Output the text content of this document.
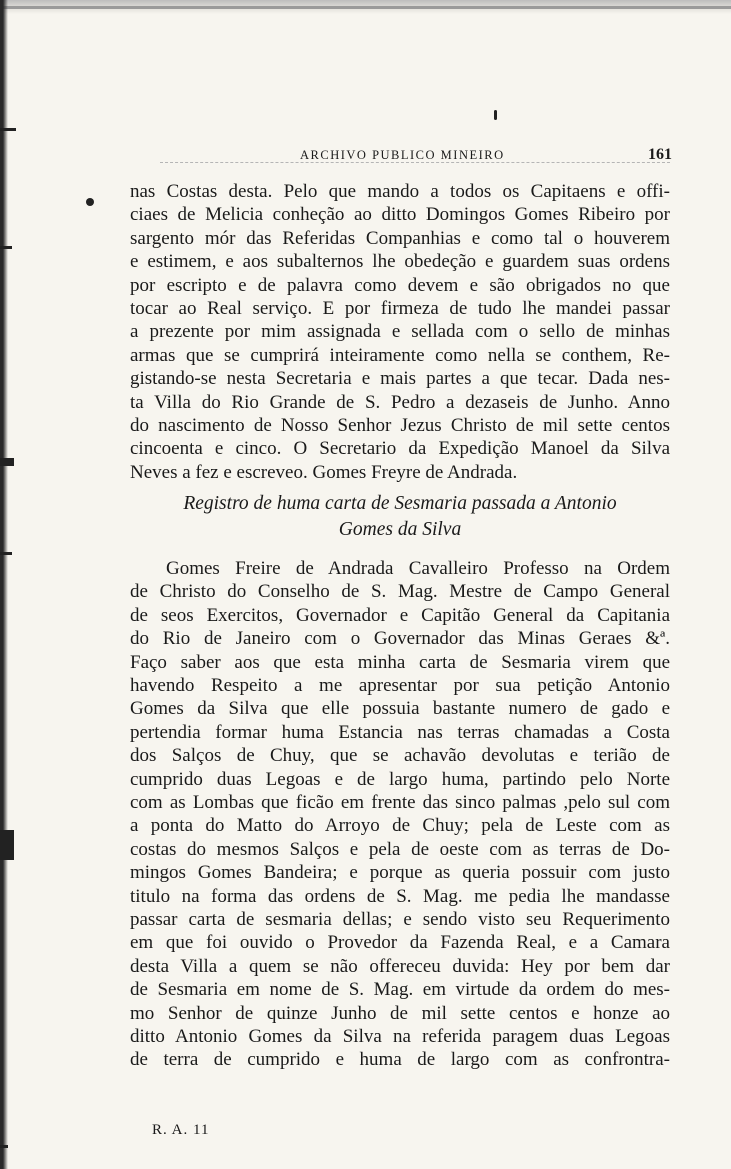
ARCHIVO PUBLICO MINEIRO	161
nas Costas desta. Pelo que mando a todos os Capitaens e offi-
ciaes de Melicia conheção ao ditto Domingos Gomes Ribeiro por
sargento mór das Referidas Companhias e como tal o houverem
e estimem, e aos subalternos lhe obedeção e guardem suas ordens
por escripto e de palavra como devem e são obrigados no que
tocar ao Real serviço. E por firmeza de tudo lhe mandei passar
a prezente por mim assignada e sellada com o sello de minhas
armas que se cumprirá inteiramente como nella se conthem, Re-
gistando-se nesta Secretaria e mais partes a que tecar. Dada nes-
ta Villa do Rio Grande de S. Pedro a dezaseis de Junho. Anno
do nascimento de Nosso Senhor Jezus Christo de mil sette centos
cincoenta e cinco. O Secretario da Expedição Manoel da Silva
Neves a fez e escreveo. Gomes Freyre de Andrada.
Registro de huma carta de Sesmaria passada a Antonio
Gomes da Silva
Gomes Freire de Andrada Cavalleiro Professo na Ordem
de Christo do Conselho de S. Mag. Mestre de Campo General
de seos Exercitos, Governador e Capitão General da Capitania
do Rio de Janeiro com o Governador das Minas Geraes &ª.
Faço saber aos que esta minha carta de Sesmaria virem que
havendo Respeito a me apresentar por sua petição Antonio
Gomes da Silva que elle possuia bastante numero de gado e
pertendia formar huma Estancia nas terras chamadas a Costa
dos Salços de Chuy, que se achavão devolutas e terião de
cumprido duas Legoas e de largo huma, partindo pelo Norte
com as Lombas que ficão em frente das sinco palmas ,pelo sul com
a ponta do Matto do Arroyo de Chuy; pela de Leste com as
costas do mesmos Salços e pela de oeste com as terras de Do-
mingos Gomes Bandeira; e porque as queria possuir com justo
titulo na forma das ordens de S. Mag. me pedia lhe mandasse
passar carta de sesmaria dellas; e sendo visto seu Requerimento
em que foi ouvido o Provedor da Fazenda Real, e a Camara
desta Villa a quem se não offereceu duvida: Hey por bem dar
de Sesmaria em nome de S. Mag. em virtude da ordem do mes-
mo Senhor de quinze Junho de mil sette centos e honze ao
ditto Antonio Gomes da Silva na referida paragem duas Legoas
de terra de cumprido e huma de largo com as confrontra-
R. A. 11
